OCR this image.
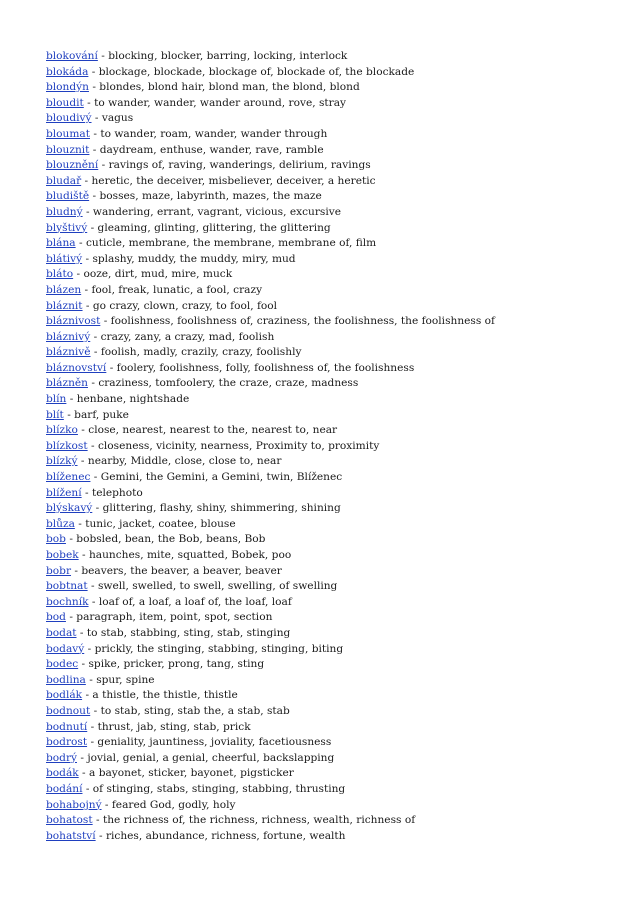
blokování - blocking, blocker, barring, locking, interlock
blokáda - blockage, blockade, blockage of, blockade of, the blockade
blondýn - blondes, blond hair, blond man, the blond, blond
bloudit - to wander, wander, wander around, rove, stray
bloudivý - vagus
bloumat - to wander, roam, wander, wander through
blouznit - daydream, enthuse, wander, rave, ramble
blouznění - ravings of, raving, wanderings, delirium, ravings
bludař - heretic, the deceiver, misbeliever, deceiver, a heretic
bludiště - bosses, maze, labyrinth, mazes, the maze
bludný - wandering, errant, vagrant, vicious, excursive
blyštivý - gleaming, glinting, glittering, the glittering
blána - cuticle, membrane, the membrane, membrane of, film
blátivý - splashy, muddy, the muddy, miry, mud
bláto - ooze, dirt, mud, mire, muck
blázen - fool, freak, lunatic, a fool, crazy
bláznit - go crazy, clown, crazy, to fool, fool
bláznivost - foolishness, foolishness of, craziness, the foolishness, the foolishness of
bláznivý - crazy, zany, a crazy, mad, foolish
bláznivě - foolish, madly, crazily, crazy, foolishly
bláznovství - foolery, foolishness, folly, foolishness of, the foolishness
blázněn - craziness, tomfoolery, the craze, craze, madness
blín - henbane, nightshade
blít - barf, puke
blízko - close, nearest, nearest to the, nearest to, near
blízkost - closeness, vicinity, nearness, Proximity to, proximity
blízký - nearby, Middle, close, close to, near
blíženec - Gemini, the Gemini, a Gemini, twin, Blíženec
blížení - telephoto
blýskavý - glittering, flashy, shiny, shimmering, shining
blůza - tunic, jacket, coatee, blouse
bob - bobsled, bean, the Bob, beans, Bob
bobek - haunches, mite, squatted, Bobek, poo
bobr - beavers, the beaver, a beaver, beaver
bobtnat - swell, swelled, to swell, swelling, of swelling
bochník - loaf of, a loaf, a loaf of, the loaf, loaf
bod - paragraph, item, point, spot, section
bodat - to stab, stabbing, sting, stab, stinging
bodavý - prickly, the stinging, stabbing, stinging, biting
bodec - spike, pricker, prong, tang, sting
bodlina - spur, spine
bodlák - a thistle, the thistle, thistle
bodnout - to stab, sting, stab the, a stab, stab
bodnutí - thrust, jab, sting, stab, prick
bodrost - geniality, jauntiness, joviality, facetiousness
bodrý - jovial, genial, a genial, cheerful, backslapping
bodák - a bayonet, sticker, bayonet, pigsticker
bodání - of stinging, stabs, stinging, stabbing, thrusting
bohabojný - feared God, godly, holy
bohatost - the richness of, the richness, richness, wealth, richness of
bohatství - riches, abundance, richness, fortune, wealth
